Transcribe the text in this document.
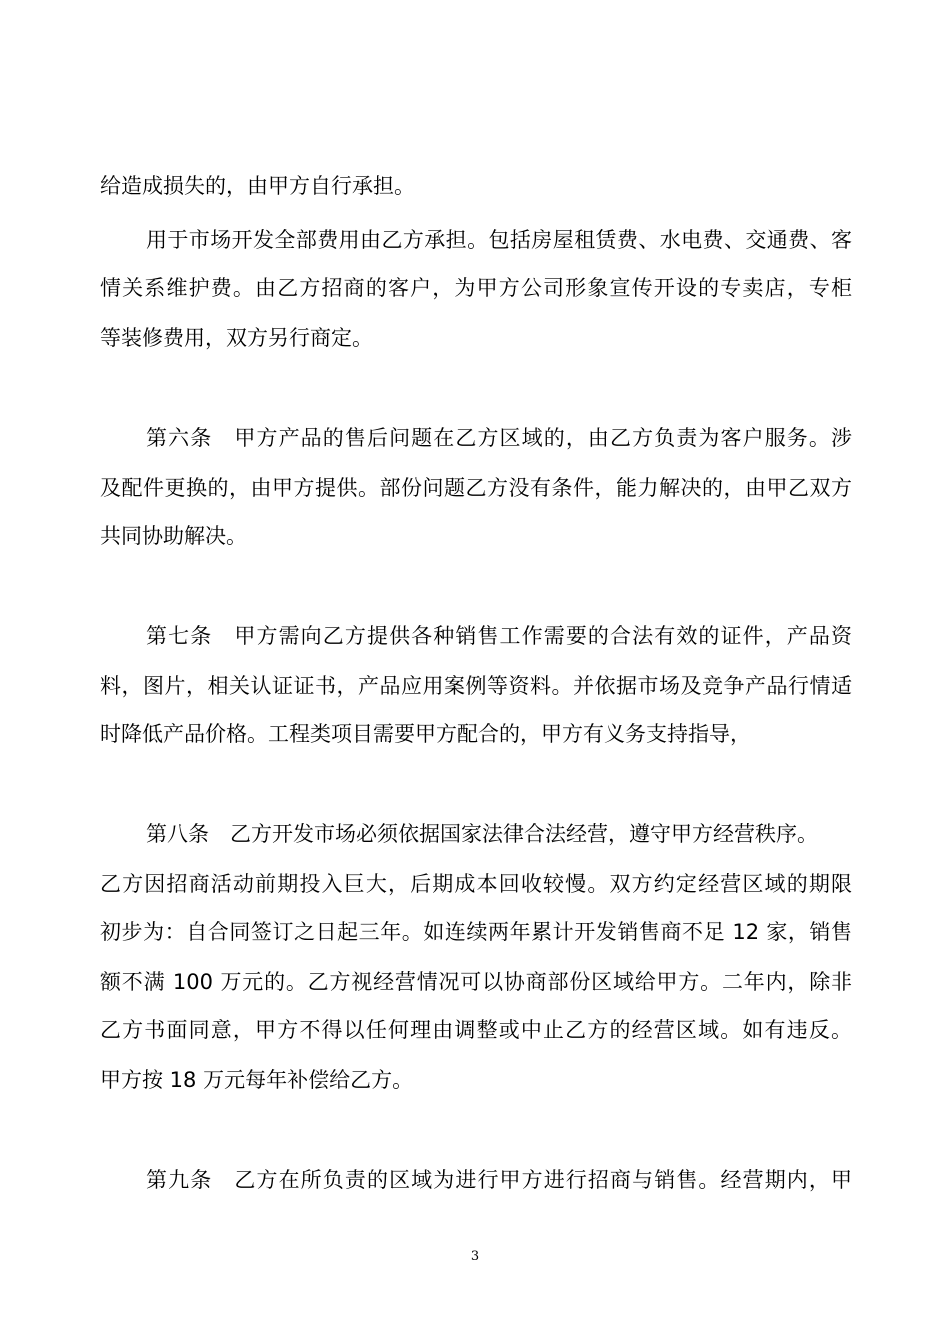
给造成损失的，由甲方自行承担。
用于市场开发全部费用由乙方承担。包括房屋租赁费、水电费、交通费、客
情关系维护费。由乙方招商的客户，为甲方公司形象宣传开设的专卖店，专柜
等装修费用，双方另行商定。
第六条　甲方产品的售后问题在乙方区域的，由乙方负责为客户服务。涉
及配件更换的，由甲方提供。部份问题乙方没有条件，能力解决的，由甲乙双方
共同协助解决。
第七条　甲方需向乙方提供各种销售工作需要的合法有效的证件，产品资
料，图片，相关认证证书，产品应用案例等资料。并依据市场及竞争产品行情适
时降低产品价格。工程类项目需要甲方配合的，甲方有义务支持指导，
第八条　乙方开发市场必须依据国家法律合法经营，遵守甲方经营秩序。
乙方因招商活动前期投入巨大，后期成本回收较慢。双方约定经营区域的期限
初步为：自合同签订之日起三年。如连续两年累计开发销售商不足 12 家，销售
额不满 100 万元的。乙方视经营情况可以协商部份区域给甲方。二年内，除非
乙方书面同意，甲方不得以任何理由调整或中止乙方的经营区域。如有违反。
甲方按 18 万元每年补偿给乙方。
第九条　乙方在所负责的区域为进行甲方进行招商与销售。经营期内，甲
3
